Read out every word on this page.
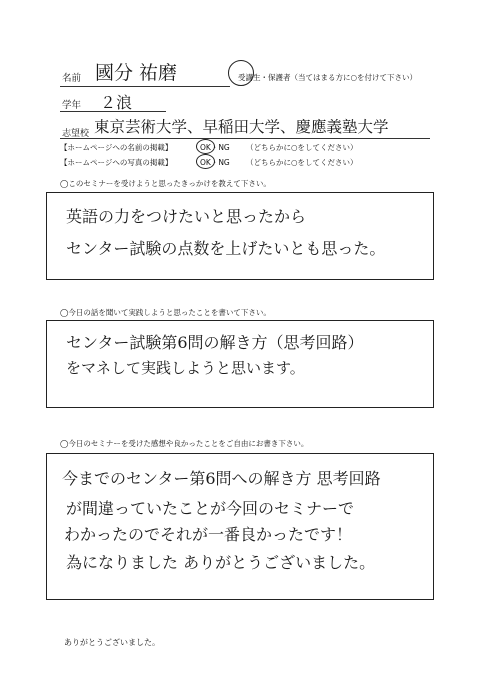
名前 國分 祐磨	受講生・保護者（当てはまる方に○を付けて下さい）
学年 ２浪
志望校 東京芸術大学、早稲田大学、慶應義塾大学
【ホームページへの名前の掲載】	OK・NG （どちらかに○をしてください）
【ホームページへの写真の掲載】	OK・NG （どちらかに○をしてください）
◯このセミナーを受けようと思ったきっかけを教えて下さい。
英語の力をつけたいと思ったから
センター試験の点数を上げたいとも思った。
◯今日の話を聞いて実践しようと思ったことを書いて下さい。
センター試験第6問の解き方（思考回路）
をマネして実践しようと思います。
◯今日のセミナーを受けた感想や良かったことをご自由にお書き下さい。
今までのセンター第6問への解き方 思考回路
が間違っていたことが今回のセミナーで
わかったのでそれが一番良かったです！
為になりました ありがとうございました。
ありがとうございました。
